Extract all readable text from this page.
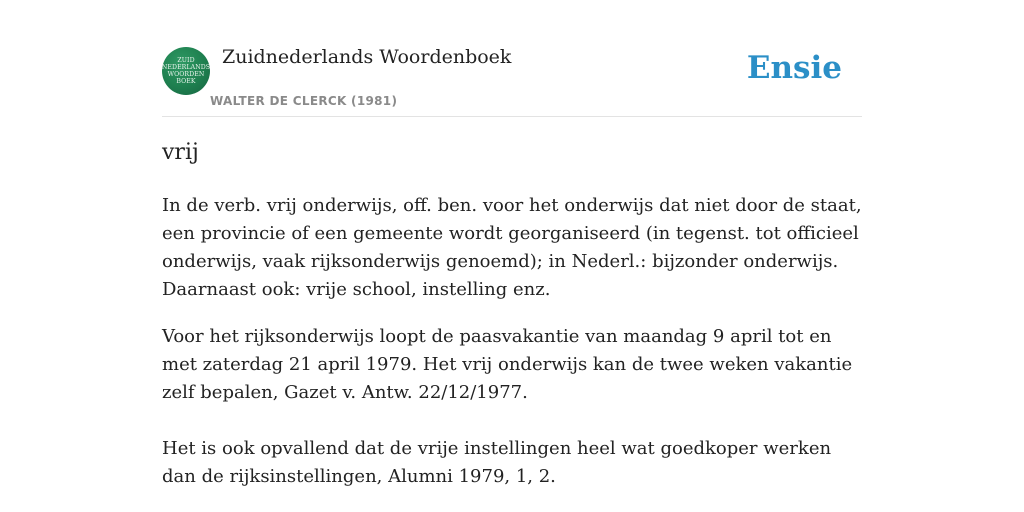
ZUID
NEDERLANDS
WOORDEN
BOEK
Zuidnederlands Woordenboek
WALTER DE CLERCK (1981)
Ensie
vrij

In de verb. vrij onderwijs, off. ben. voor het onderwijs dat niet door de staat, een provincie of een gemeente wordt georganiseerd (in tegenst. tot officieel onderwijs, vaak rijksonderwijs genoemd); in Nederl.: bijzonder onderwijs. Daarnaast ook: vrije school, instelling enz.

Voor het rijksonderwijs loopt de paasvakantie van maandag 9 april tot en met zaterdag 21 april 1979. Het vrij onderwijs kan de twee weken vakantie zelf bepalen, Gazet v. Antw. 22/12/1977.

Het is ook opvallend dat de vrije instellingen heel wat goedkoper werken dan de rijksinstellingen, Alumni 1979, 1, 2.
